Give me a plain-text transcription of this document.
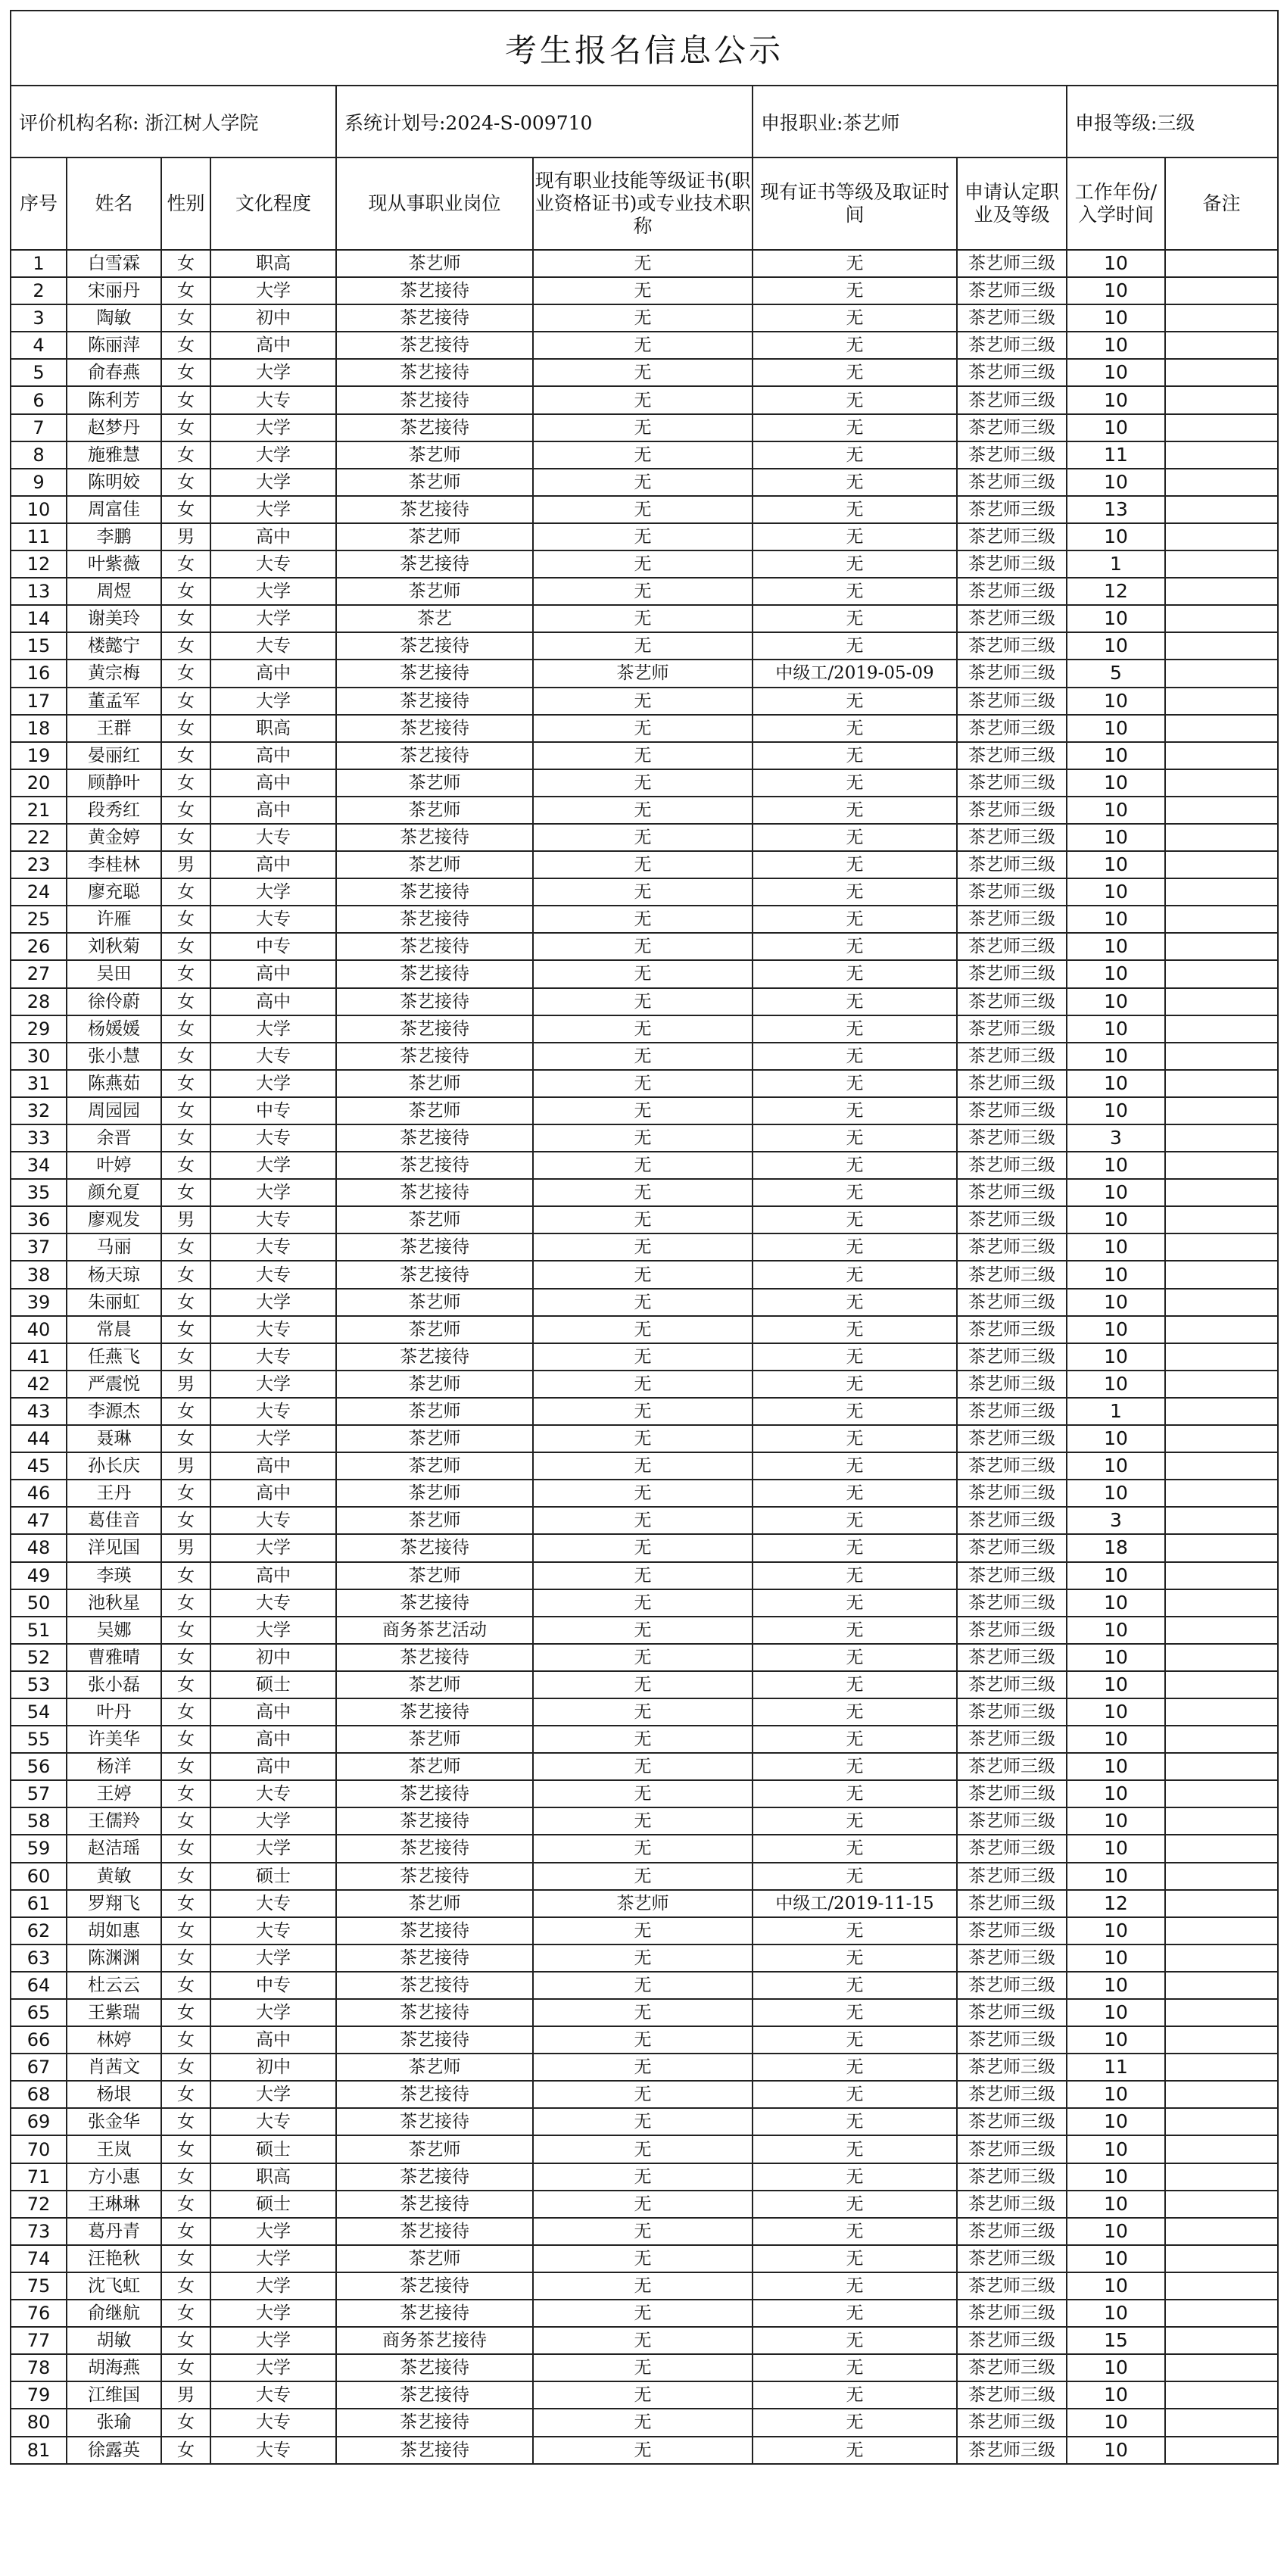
考生报名信息公示									
评价机构名称: 浙江树人学院				系统计划号:2024-S-009710		申报职业:茶艺师		申报等级:三级	
序号	姓名	性别	文化程度	现从事职业岗位	现有职业技能等级证书(职业资格证书)或专业技术职称	现有证书等级及取证时间	申请认定职业及等级	工作年份/入学时间	备注
1	白雪霖	女	职高	茶艺师	无	无	茶艺师三级	10	
2	宋丽丹	女	大学	茶艺接待	无	无	茶艺师三级	10	
3	陶敏	女	初中	茶艺接待	无	无	茶艺师三级	10	
4	陈丽萍	女	高中	茶艺接待	无	无	茶艺师三级	10	
5	俞春燕	女	大学	茶艺接待	无	无	茶艺师三级	10	
6	陈利芳	女	大专	茶艺接待	无	无	茶艺师三级	10	
7	赵梦丹	女	大学	茶艺接待	无	无	茶艺师三级	10	
8	施雅慧	女	大学	茶艺师	无	无	茶艺师三级	11	
9	陈明姣	女	大学	茶艺师	无	无	茶艺师三级	10	
10	周富佳	女	大学	茶艺接待	无	无	茶艺师三级	13	
11	李鹏	男	高中	茶艺师	无	无	茶艺师三级	10	
12	叶紫薇	女	大专	茶艺接待	无	无	茶艺师三级	1	
13	周煜	女	大学	茶艺师	无	无	茶艺师三级	12	
14	谢美玲	女	大学	茶艺	无	无	茶艺师三级	10	
15	楼懿宁	女	大专	茶艺接待	无	无	茶艺师三级	10	
16	黄宗梅	女	高中	茶艺接待	茶艺师	中级工/2019-05-09	茶艺师三级	5	
17	董孟军	女	大学	茶艺接待	无	无	茶艺师三级	10	
18	王群	女	职高	茶艺接待	无	无	茶艺师三级	10	
19	晏丽红	女	高中	茶艺接待	无	无	茶艺师三级	10	
20	顾静叶	女	高中	茶艺师	无	无	茶艺师三级	10	
21	段秀红	女	高中	茶艺师	无	无	茶艺师三级	10	
22	黄金婷	女	大专	茶艺接待	无	无	茶艺师三级	10	
23	李桂林	男	高中	茶艺师	无	无	茶艺师三级	10	
24	廖充聪	女	大学	茶艺接待	无	无	茶艺师三级	10	
25	许雁	女	大专	茶艺接待	无	无	茶艺师三级	10	
26	刘秋菊	女	中专	茶艺接待	无	无	茶艺师三级	10	
27	吴田	女	高中	茶艺接待	无	无	茶艺师三级	10	
28	徐伶蔚	女	高中	茶艺接待	无	无	茶艺师三级	10	
29	杨媛媛	女	大学	茶艺接待	无	无	茶艺师三级	10	
30	张小慧	女	大专	茶艺接待	无	无	茶艺师三级	10	
31	陈燕茹	女	大学	茶艺师	无	无	茶艺师三级	10	
32	周园园	女	中专	茶艺师	无	无	茶艺师三级	10	
33	余晋	女	大专	茶艺接待	无	无	茶艺师三级	3	
34	叶婷	女	大学	茶艺接待	无	无	茶艺师三级	10	
35	颜允夏	女	大学	茶艺接待	无	无	茶艺师三级	10	
36	廖观发	男	大专	茶艺师	无	无	茶艺师三级	10	
37	马丽	女	大专	茶艺接待	无	无	茶艺师三级	10	
38	杨天琼	女	大专	茶艺接待	无	无	茶艺师三级	10	
39	朱丽虹	女	大学	茶艺师	无	无	茶艺师三级	10	
40	常晨	女	大专	茶艺师	无	无	茶艺师三级	10	
41	任燕飞	女	大专	茶艺接待	无	无	茶艺师三级	10	
42	严震悦	男	大学	茶艺师	无	无	茶艺师三级	10	
43	李源杰	女	大专	茶艺师	无	无	茶艺师三级	1	
44	聂琳	女	大学	茶艺师	无	无	茶艺师三级	10	
45	孙长庆	男	高中	茶艺师	无	无	茶艺师三级	10	
46	王丹	女	高中	茶艺师	无	无	茶艺师三级	10	
47	葛佳音	女	大专	茶艺师	无	无	茶艺师三级	3	
48	洋见国	男	大学	茶艺接待	无	无	茶艺师三级	18	
49	李瑛	女	高中	茶艺师	无	无	茶艺师三级	10	
50	池秋星	女	大专	茶艺接待	无	无	茶艺师三级	10	
51	吴娜	女	大学	商务茶艺活动	无	无	茶艺师三级	10	
52	曹雅晴	女	初中	茶艺接待	无	无	茶艺师三级	10	
53	张小磊	女	硕士	茶艺师	无	无	茶艺师三级	10	
54	叶丹	女	高中	茶艺接待	无	无	茶艺师三级	10	
55	许美华	女	高中	茶艺师	无	无	茶艺师三级	10	
56	杨洋	女	高中	茶艺师	无	无	茶艺师三级	10	
57	王婷	女	大专	茶艺接待	无	无	茶艺师三级	10	
58	王儒羚	女	大学	茶艺接待	无	无	茶艺师三级	10	
59	赵洁瑶	女	大学	茶艺接待	无	无	茶艺师三级	10	
60	黄敏	女	硕士	茶艺接待	无	无	茶艺师三级	10	
61	罗翔飞	女	大专	茶艺师	茶艺师	中级工/2019-11-15	茶艺师三级	12	
62	胡如惠	女	大专	茶艺接待	无	无	茶艺师三级	10	
63	陈渊渊	女	大学	茶艺接待	无	无	茶艺师三级	10	
64	杜云云	女	中专	茶艺接待	无	无	茶艺师三级	10	
65	王紫瑞	女	大学	茶艺接待	无	无	茶艺师三级	10	
66	林婷	女	高中	茶艺接待	无	无	茶艺师三级	10	
67	肖茜文	女	初中	茶艺师	无	无	茶艺师三级	11	
68	杨垠	女	大学	茶艺接待	无	无	茶艺师三级	10	
69	张金华	女	大专	茶艺接待	无	无	茶艺师三级	10	
70	王岚	女	硕士	茶艺师	无	无	茶艺师三级	10	
71	方小惠	女	职高	茶艺接待	无	无	茶艺师三级	10	
72	王琳琳	女	硕士	茶艺接待	无	无	茶艺师三级	10	
73	葛丹青	女	大学	茶艺接待	无	无	茶艺师三级	10	
74	汪艳秋	女	大学	茶艺师	无	无	茶艺师三级	10	
75	沈飞虹	女	大学	茶艺接待	无	无	茶艺师三级	10	
76	俞继航	女	大学	茶艺接待	无	无	茶艺师三级	10	
77	胡敏	女	大学	商务茶艺接待	无	无	茶艺师三级	15	
78	胡海燕	女	大学	茶艺接待	无	无	茶艺师三级	10	
79	江维国	男	大专	茶艺接待	无	无	茶艺师三级	10	
80	张瑜	女	大专	茶艺接待	无	无	茶艺师三级	10	
81	徐露英	女	大专	茶艺接待	无	无	茶艺师三级	10	
